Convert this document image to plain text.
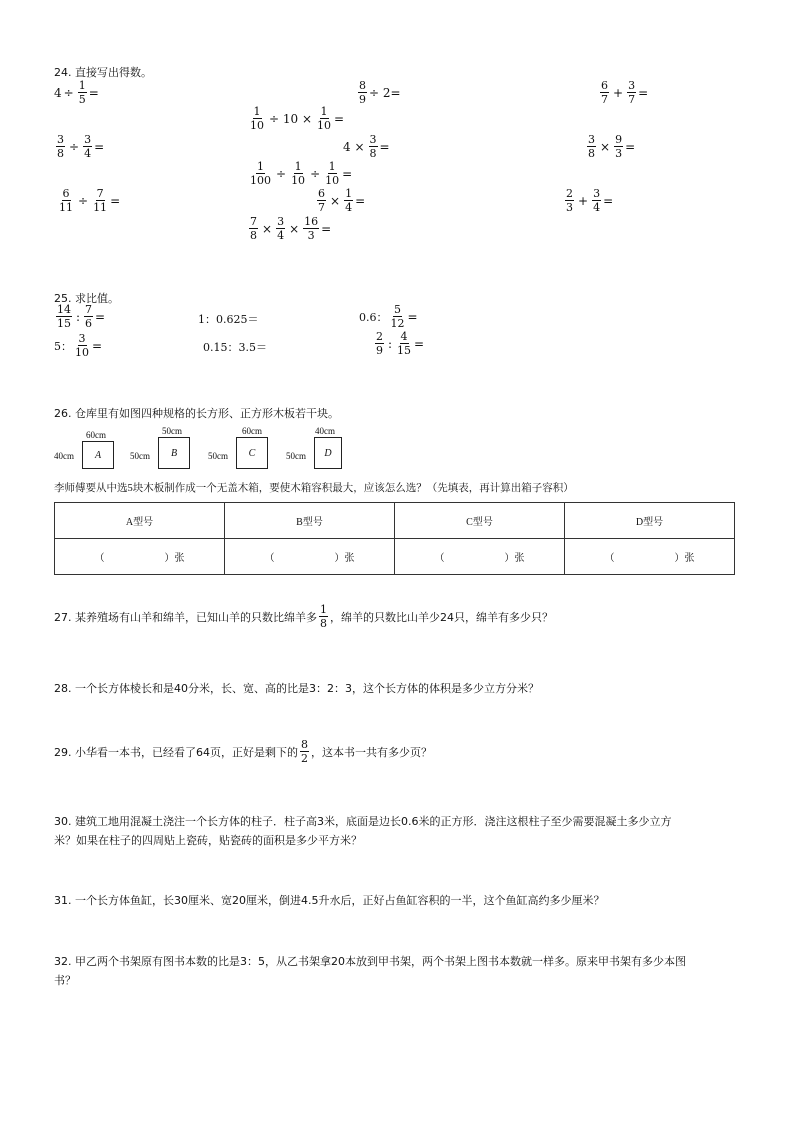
24. 直接写出得数。
$4 \div \frac{1}{5}$ =	$\frac{8}{9} \div 2=$	$\frac{6}{7} + \frac{3}{7}$ =
$\frac{1}{10} \div 10 \times \frac{1}{10}$ =
$\frac{3}{8} \div \frac{3}{4}$ =	$4 \times \frac{3}{8}$ =	$\frac{3}{8} \times \frac{9}{3}$ =
$\frac{1}{100} \div \frac{1}{10} \div \frac{1}{10}$ =
$\frac{6}{11} \div \frac{7}{11}$ =	$\frac{6}{7} \times \frac{1}{4}$ =	$\frac{2}{3} + \frac{3}{4}$ =
$\frac{7}{8} \times \frac{3}{4} \times \frac{16}{3}$ =
25. 求比值。
$\frac{14}{15}$ : $\frac{7}{6}$ =	1：0.625＝	0.6： $\frac{5}{12}$ =
5： $\frac{3}{10}$ =	0.15：3.5＝	$\frac{2}{9}$ : $\frac{4}{15}$ =
26. 仓库里有如图四种规格的长方形、正方形木板若干块。
60cm
40cm	A
50cm
50cm	B
60cm
50cm	C
40cm
50cm	D
李师傅要从中选5块木板制作成一个无盖木箱，要使木箱容积最大，应该怎么选？（先填表，再计算出箱子容积）
A型号	B型号	C型号	D型号
（ ）张	（ ）张	（ ）张	（ ）张
27. 某养殖场有山羊和绵羊，已知山羊的只数比绵羊多 $\frac{1}{8}$ ，绵羊的只数比山羊少24只，绵羊有多少只？
28. 一个长方体棱长和是40分米，长、宽、高的比是3：2：3，这个长方体的体积是多少立方分米？
29. 小华看一本书，已经看了64页，正好是剩下的 $\frac{8}{2}$ ，这本书一共有多少页？
30. 建筑工地用混凝土浇注一个长方体的柱子．柱子高3米，底面是边长0.6米的正方形．浇注这根柱子至少需要混凝土多少立方
米？如果在柱子的四周贴上瓷砖，贴瓷砖的面积是多少平方米？
31. 一个长方体鱼缸，长30厘米、宽20厘米，倒进4.5升水后，正好占鱼缸容积的一半，这个鱼缸高约多少厘米？
32. 甲乙两个书架原有图书本数的比是3：5，从乙书架拿20本放到甲书架，两个书架上图书本数就一样多。原来甲书架有多少本图
书？
